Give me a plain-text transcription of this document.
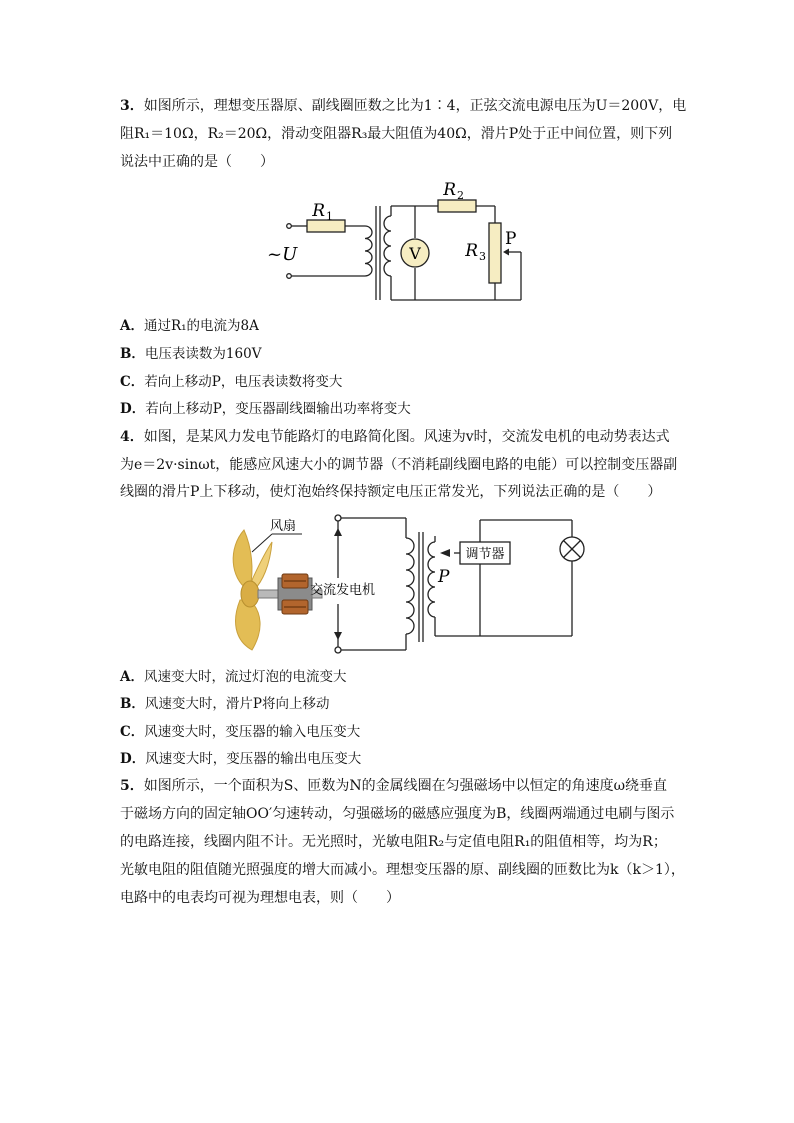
3．如图所示，理想变压器原、副线圈匝数之比为1∶4，正弦交流电源电压为U＝200V，电
阻R₁＝10Ω，R₂＝20Ω，滑动变阻器R₃最大阻值为40Ω，滑片P处于正中间位置，则下列
说法中正确的是（　　）
V
R 1
R 2
R 3
P
~U
A．通过R₁的电流为8A
B．电压表读数为160V
C．若向上移动P，电压表读数将变大
D．若向上移动P，变压器副线圈输出功率将变大
4．如图，是某风力发电节能路灯的电路简化图。风速为v时，交流发电机的电动势表达式
为e＝2v·sinωt，能感应风速大小的调节器（不消耗副线圈电路的电能）可以控制变压器副
线圈的滑片P上下移动，使灯泡始终保持额定电压正常发光，下列说法正确的是（　　）
风扇
交流发电机
调节器
P
A．风速变大时，流过灯泡的电流变大
B．风速变大时，滑片P将向上移动
C．风速变大时，变压器的输入电压变大
D．风速变大时，变压器的输出电压变大
5．如图所示，一个面积为S、匝数为N的金属线圈在匀强磁场中以恒定的角速度ω绕垂直
于磁场方向的固定轴OO′匀速转动，匀强磁场的磁感应强度为B，线圈两端通过电刷与图示
的电路连接，线圈内阻不计。无光照时，光敏电阻R₂与定值电阻R₁的阻值相等，均为R；
光敏电阻的阻值随光照强度的增大而减小。理想变压器的原、副线圈的匝数比为k（k＞1），
电路中的电表均可视为理想电表，则（　　）
